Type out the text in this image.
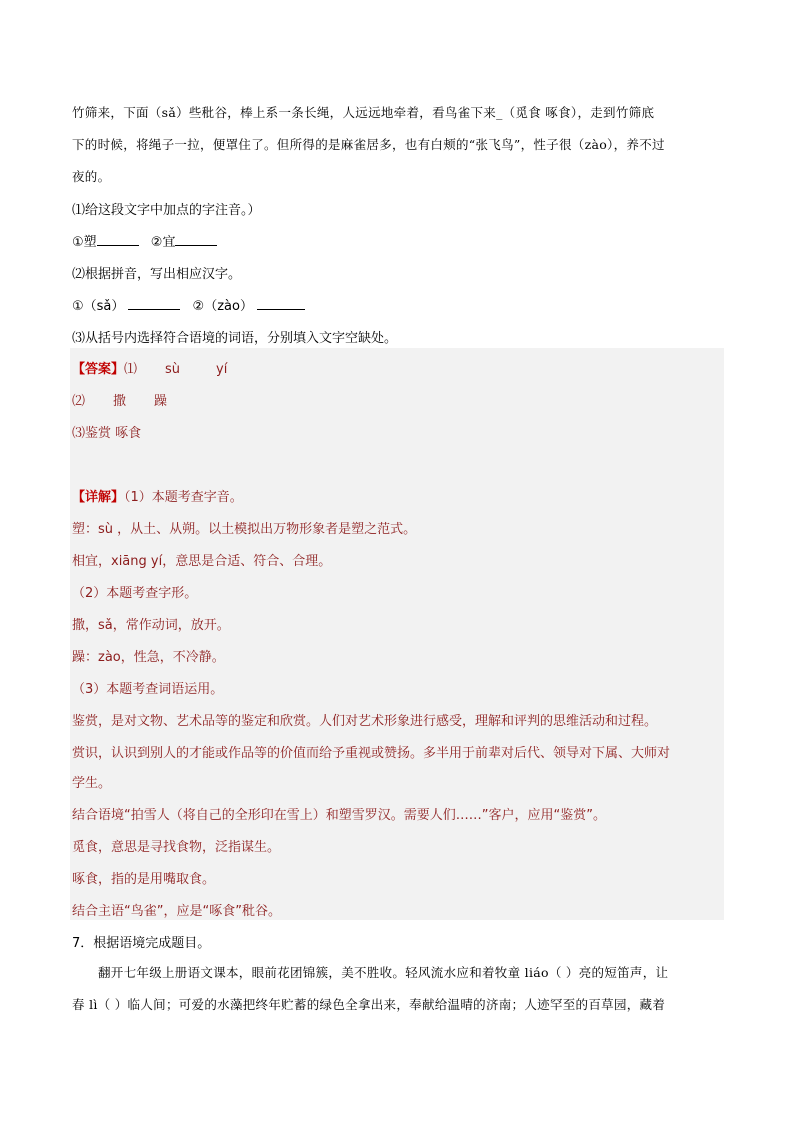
竹筛来，下面（sǎ）些秕谷，棒上系一条长绳，人远远地牵着，看鸟雀下来_（觅食 啄食），走到竹筛底
下的时候，将绳子一拉，便罩住了。但所得的是麻雀居多，也有白颊的“张飞鸟”，性子很（zào），养不过
夜的。
⑴给这段文字中加点的字注音。）
①塑	②宜
⑵根据拼音，写出相应汉字。
①（sǎ）	②（zào）
⑶从括号内选择符合语境的词语，分别填入文字空缺处。
【答案】⑴ sù	yí
⑵ 撒 躁
⑶鉴赏 啄食
【详解】（1）本题考查字音。
塑：sù ，从土、从朔。以土模拟出万物形象者是塑之范式。
相宜，xiāng yí，意思是合适、符合、合理。
（2）本题考查字形。
撒，sǎ，常作动词，放开。
躁：zào，性急，不冷静。
（3）本题考查词语运用。
鉴赏，是对文物、艺术品等的鉴定和欣赏。人们对艺术形象进行感受，理解和评判的思维活动和过程。
赏识，认识到别人的才能或作品等的价值而给予重视或赞扬。多半用于前辈对后代、领导对下属、大师对
学生。
结合语境“拍雪人（将自己的全形印在雪上）和塑雪罗汉。需要人们……”客户，应用“鉴赏”。
觅食，意思是寻找食物，泛指谋生。
啄食，指的是用嘴取食。
结合主语“鸟雀”，应是“啄食”秕谷。
7．根据语境完成题目。
翻开七年级上册语文课本，眼前花团锦簇，美不胜收。轻风流水应和着牧童 liáo（ ）亮的短笛声，让
春 lì（ ）临人间；可爱的水藻把终年贮蓄的绿色全拿出来，奉献给温晴的济南；人迹罕至的百草园，藏着
